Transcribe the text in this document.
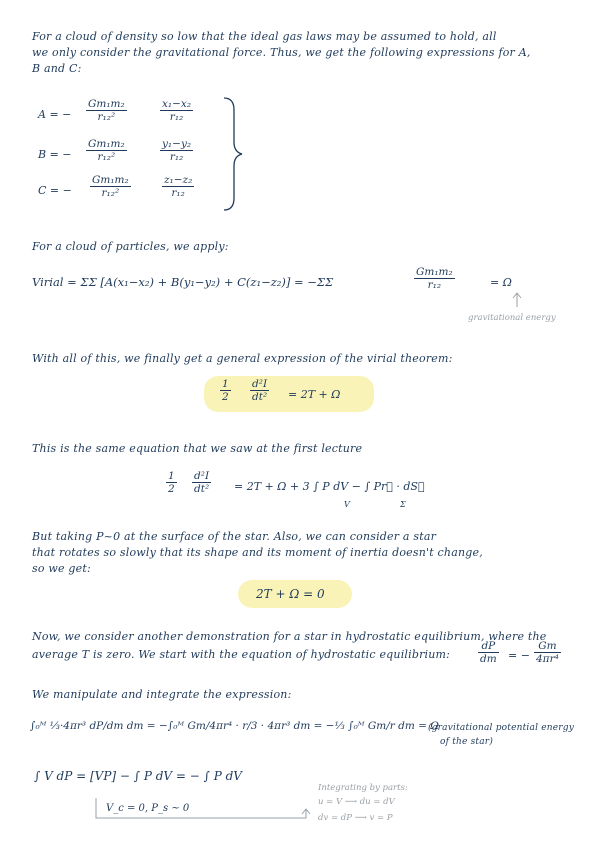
For a cloud of density so low that the ideal gas laws may be assumed to hold, all
we only consider the gravitational force. Thus, we get the following expressions for A,
B and C:
A = − $\frac{\text{Gm₁m₂}}{\text{r₁₂²}}$	$\frac{\text{x₁−x₂}}{\text{r₁₂}}$
B = − $\frac{\text{Gm₁m₂}}{\text{r₁₂²}}$	$\frac{\text{y₁−y₂}}{\text{r₁₂}}$
C = − $\frac{\text{Gm₁m₂}}{\text{r₁₂²}}$	$\frac{\text{z₁−z₂}}{\text{r₁₂}}$
For a cloud of particles, we apply:
Virial = ΣΣ [A(x₁−x₂) + B(y₁−y₂) + C(z₁−z₂)] = −ΣΣ	$\frac{\text{Gm₁m₂}}{\text{r₁₂}}$	= Ω
gravitational energy
With all of this, we finally get a general expression of the virial theorem:
$\frac{1}{2} \frac{\text{d²I}}{\text{dt²}} = 2T + \Omega$
This is the same equation that we saw at the first lecture
$\frac{1}{2} \frac{\text{d²I}}{\text{dt²}} = 2T + \Omega + 3$ ∫ P dV − ∫ Pr⃗ · dS⃗
V	Σ
But taking P~0 at the surface of the star. Also, we can consider a star
that rotates so slowly that its shape and its moment of inertia doesn't change,
so we get:
2T + Ω = 0
Now, we consider another demonstration for a star in hydrostatic equilibrium, where the
average T is zero. We start with the equation of hydrostatic equilibrium:	$\frac{dP}{dm}$ = − $\frac{Gm}{\text{4πr⁴}}$
We manipulate and integrate the expression:
∫₀ᴹ ⅓·4πr³ dP/dm dm = −∫₀ᴹ Gm/4πr⁴ · r/3 · 4πr³ dm = −⅓ ∫₀ᴹ Gm/r dm = Ω
(gravitational potential energy
of the star)
∫ V dP = [VP] − ∫ P dV = − ∫ P dV
V_c = 0, P_s ~ 0
Integrating by parts:
u = V ⟶ du = dV
dv = dP ⟶ v = P
